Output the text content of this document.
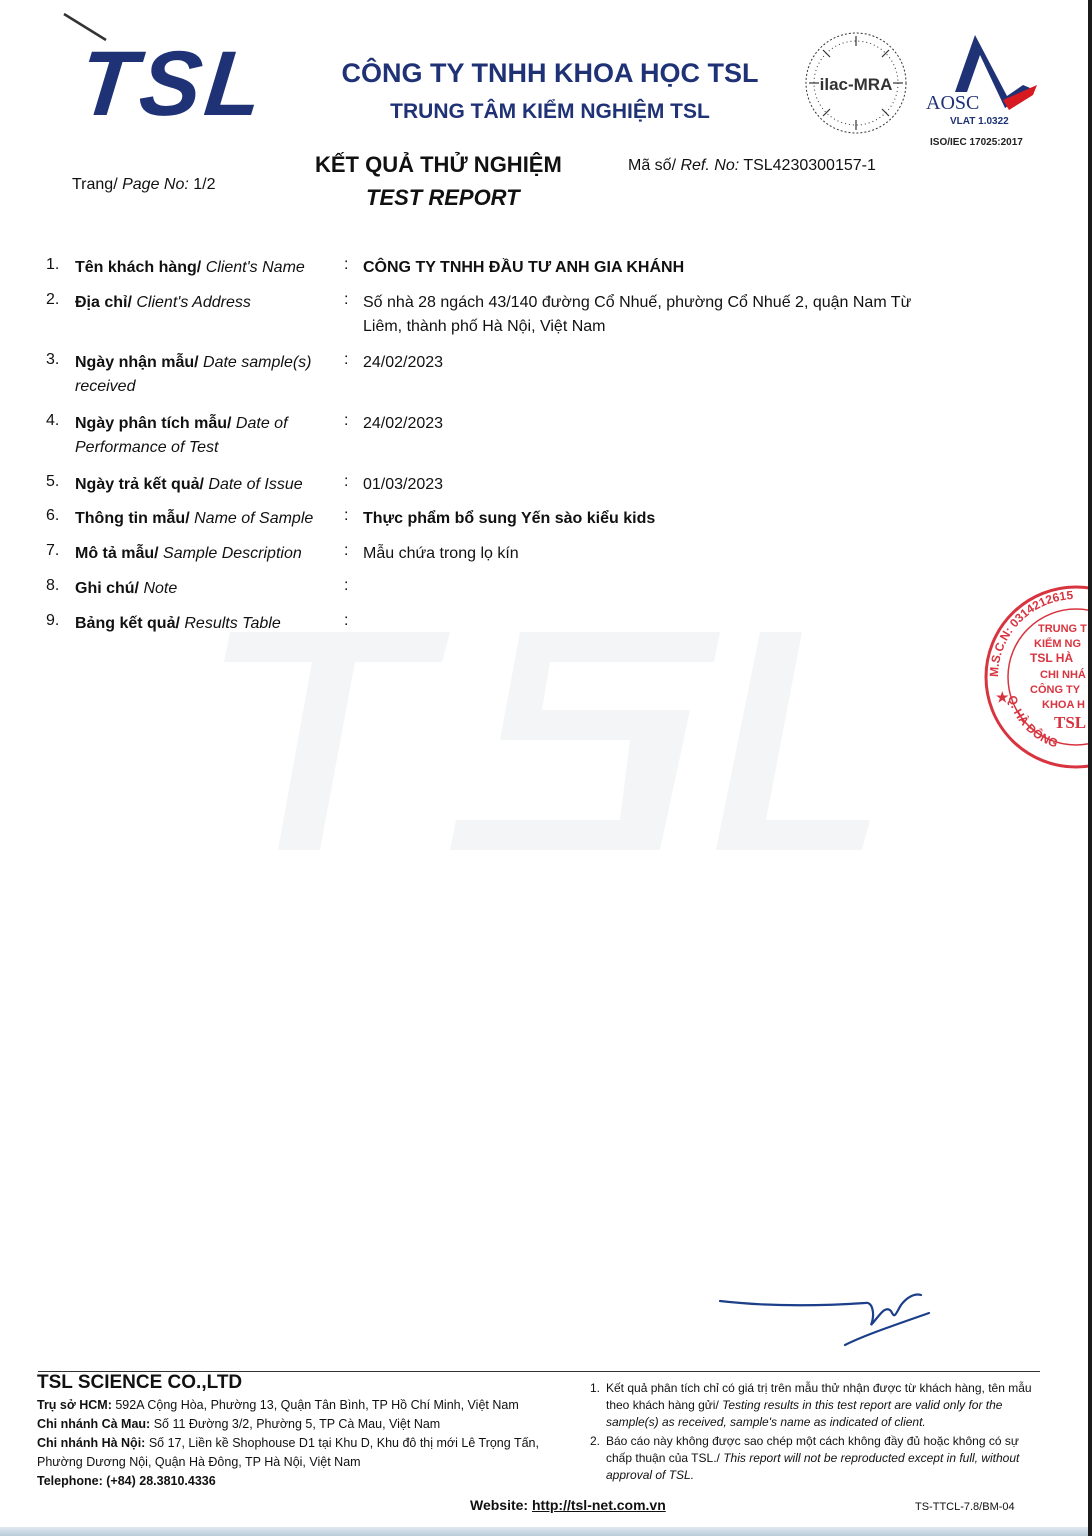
TSL	CÔNG TY TNHH KHOA HỌC TSL
TRUNG TÂM KIỂM NGHIỆM TSL
ilac-MRA
AOSC
VLAT 1.0322
ISO/IEC 17025:2017
KẾT QUẢ THỬ NGHIỆM
TEST REPORT
Trang/ Page No: 1/2
Mã số/ Ref. No: TSL4230300157-1
1. Tên khách hàng/ Client's Name	: CÔNG TY TNHH ĐẦU TƯ ANH GIA KHÁNH
2. Địa chỉ/ Client's Address	: Số nhà 28 ngách 43/140 đường Cổ Nhuế, phường Cổ Nhuế 2, quận Nam Từ Liêm, thành phố Hà Nội, Việt Nam
3. Ngày nhận mẫu/ Date sample(s) received
: 24/02/2023
4. Ngày phân tích mẫu/ Date of Performance of Test
: 24/02/2023
5. Ngày trả kết quả/ Date of Issue	: 01/03/2023
6. Thông tin mẫu/ Name of Sample	: Thực phẩm bổ sung Yến sào kiểu kids
7. Mô tả mẫu/ Sample Description	: Mẫu chứa trong lọ kín
8. Ghi chú/ Note	:
9. Bảng kết quả/ Results Table	:
M.S.C.N: 0314212615
Q. HÀ ĐÔNG
★
TRUNG T
KIỂM NG
TSL HÀ
CHI NHÁ
CÔNG TY
KHOA H
TSL
TSL SCIENCE CO.,LTD
Trụ sở HCM: 592A Cộng Hòa, Phường 13, Quận Tân Bình, TP Hồ Chí Minh, Việt Nam
Chi nhánh Cà Mau: Số 11 Đường 3/2, Phường 5, TP Cà Mau, Việt Nam
Chi nhánh Hà Nội: Số 17, Liền kề Shophouse D1 tại Khu D, Khu đô thị mới Lê Trọng Tấn, Phường Dương Nội, Quận Hà Đông, TP Hà Nội, Việt Nam
Telephone: (+84) 28.3810.4336
1. Kết quả phân tích chỉ có giá trị trên mẫu thử nhận được từ khách hàng, tên mẫu theo khách hàng gửi/ Testing results in this test report are valid only for the sample(s) as received, sample's name as indicated of client.
2. Báo cáo này không được sao chép một cách không đầy đủ hoặc không có sự chấp thuận của TSL./ This report will not be reproducted except in full, without approval of TSL.
Website: http://tsl-net.com.vn	TS-TTCL-7.8/BM-04
